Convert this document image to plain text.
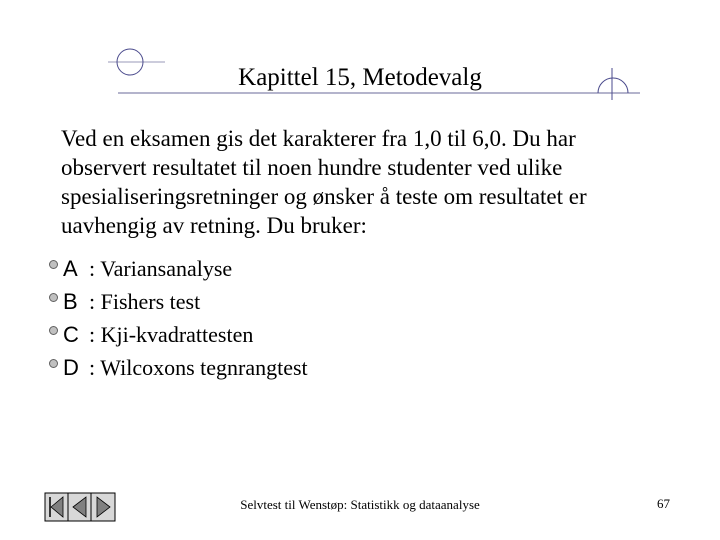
Kapittel 15, Metodevalg
Ved en eksamen gis det karakterer fra 1,0 til 6,0. Du har observert resultatet til noen hundre studenter ved ulike spesialiseringsretninger og ønsker å teste om resultatet er uavhengig av retning. Du bruker:
A : Variansanalyse
B : Fishers test
C : Kji-kvadrattesten
D : Wilcoxons tegnrangtest
Selvtest til Wenstøp: Statistikk og dataanalyse	67
